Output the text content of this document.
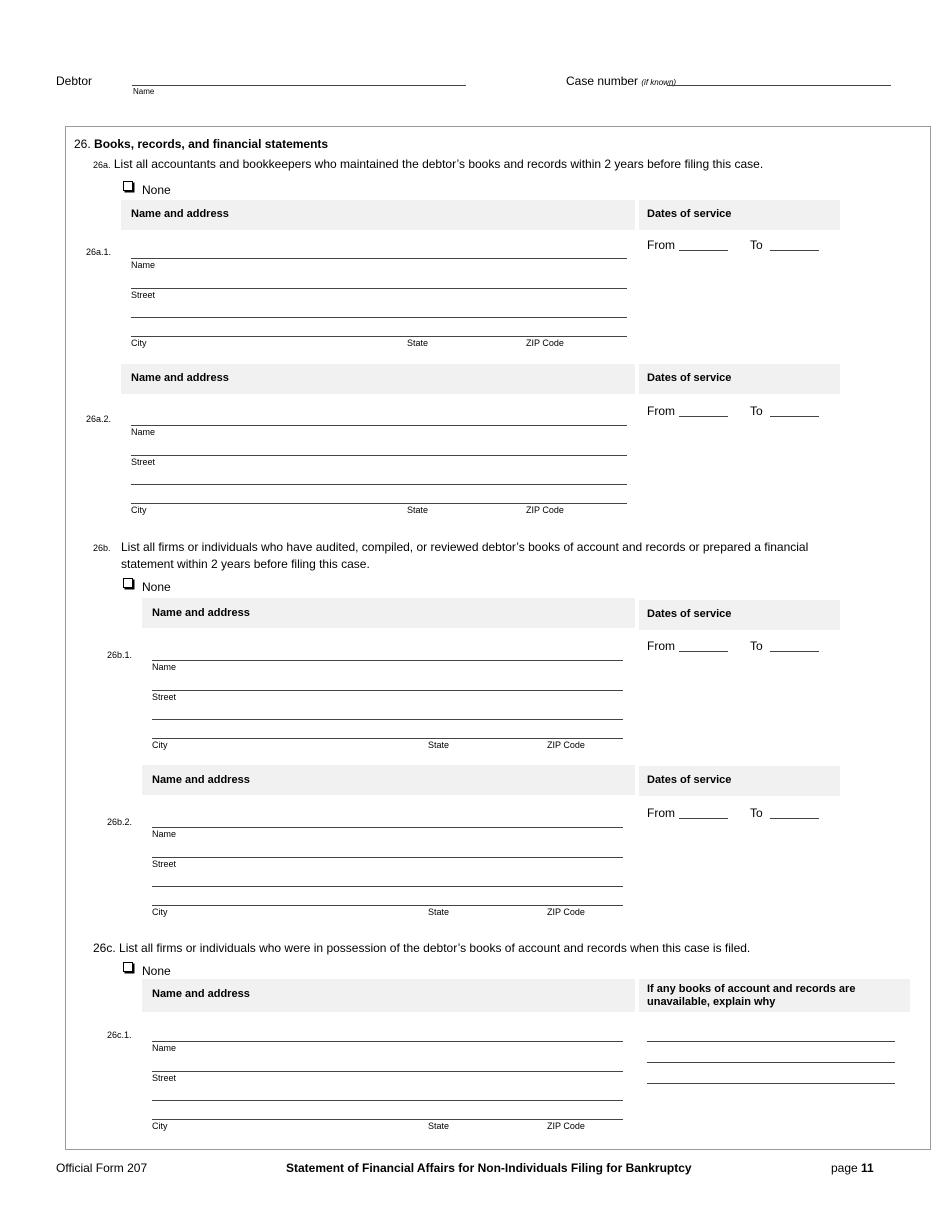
Debtor
Name
Case number (if known)
26. Books, records, and financial statements
26a. List all accountants and bookkeepers who maintained the debtor’s books and records within 2 years before filing this case.
None
Name and address	Dates of service
26a.1.	From	To
Name
Street
City	State	ZIP Code
Name and address	Dates of service
26a.2.
From	To
Name
Street
City	State	ZIP Code
26b. List all firms or individuals who have audited, compiled, or reviewed debtor’s books of account and records or prepared a financial
statement within 2 years before filing this case.
None
Name and address	Dates of service
26b.1.
From	To
Name
Street
City	State	ZIP Code
Name and address	Dates of service
26b.2.
From	To
Name
Street
City	State	ZIP Code
26c. List all firms or individuals who were in possession of the debtor’s books of account and records when this case is filed.
None
Name and address	If any books of account and records are
unavailable, explain why
26c.1.
Name
Street
City	State	ZIP Code
Official Form 207	Statement of Financial Affairs for Non-Individuals Filing for Bankruptcy	page 11
